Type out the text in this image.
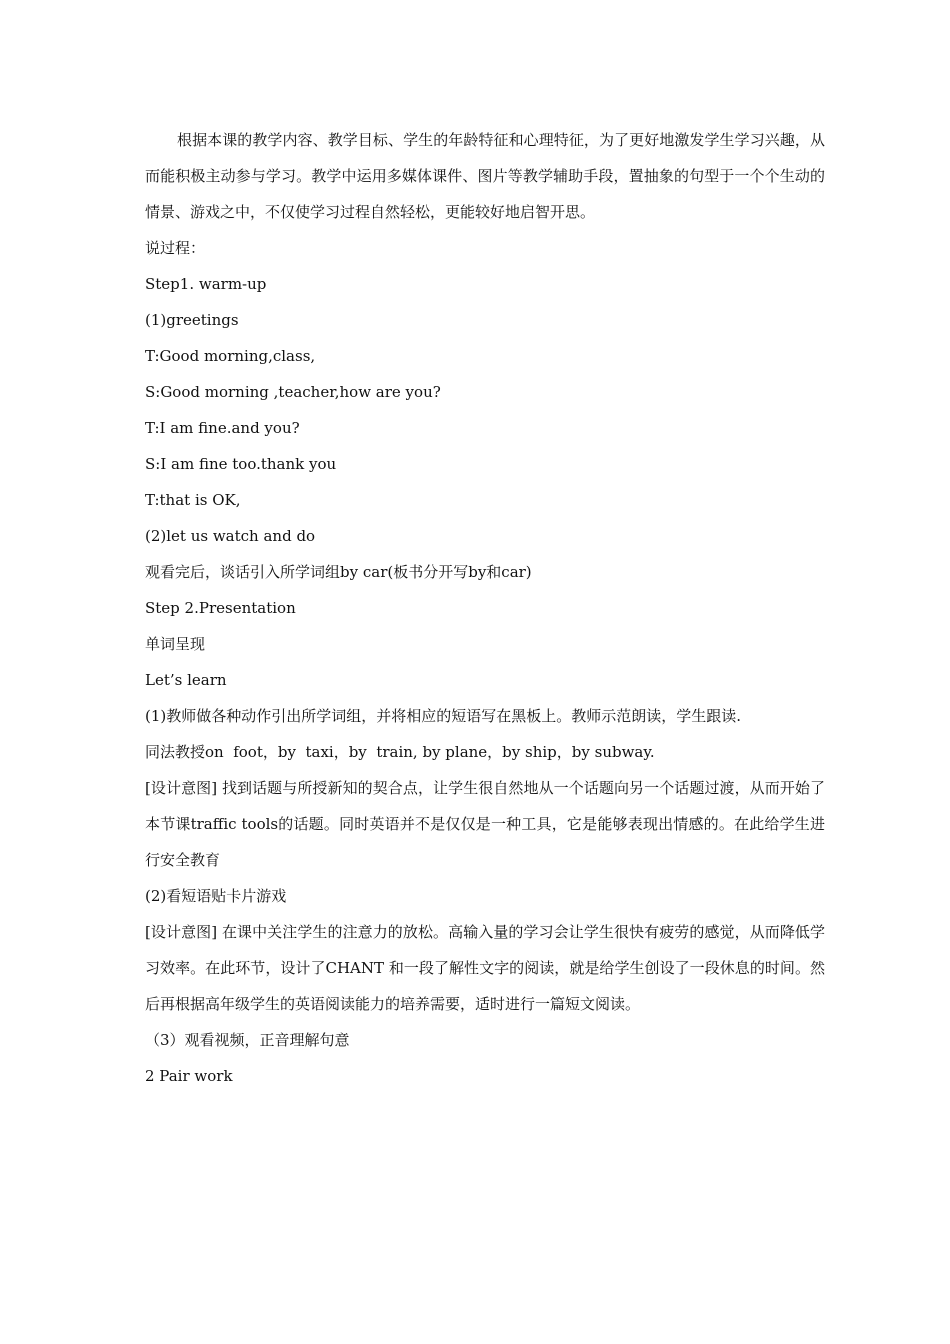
根据本课的教学内容、教学目标、学生的年龄特征和心理特征，为了更好地激发学生学习兴趣，从而能积极主动参与学习。教学中运用多媒体课件、图片等教学辅助手段，置抽象的句型于一个个生动的情景、游戏之中，不仅使学习过程自然轻松，更能较好地启智开思。

说过程：

Step1. warm-up

(1)greetings

T:Good morning,class,

S:Good morning ,teacher,how are you?

T:I am fine.and you?

S:I am fine too.thank you

T:that is OK,

(2)let us watch and do

观看完后，谈话引入所学词组by car(板书分开写by和car)

Step 2.Presentation

单词呈现

Let’s learn

(1)教师做各种动作引出所学词组，并将相应的短语写在黑板上。教师示范朗读，学生跟读.

同法教授on  foot，by  taxi，by  train, by plane，by ship，by subway.

[设计意图] 找到话题与所授新知的契合点，让学生很自然地从一个话题向另一个话题过渡，从而开始了本节课traffic tools的话题。同时英语并不是仅仅是一种工具，它是能够表现出情感的。在此给学生进行安全教育

(2)看短语贴卡片游戏

[设计意图] 在课中关注学生的注意力的放松。高输入量的学习会让学生很快有疲劳的感觉，从而降低学习效率。在此环节，设计了CHANT 和一段了解性文字的阅读，就是给学生创设了一段休息的时间。然后再根据高年级学生的英语阅读能力的培养需要，适时进行一篇短文阅读。

（3）观看视频，正音理解句意

2 Pair work
